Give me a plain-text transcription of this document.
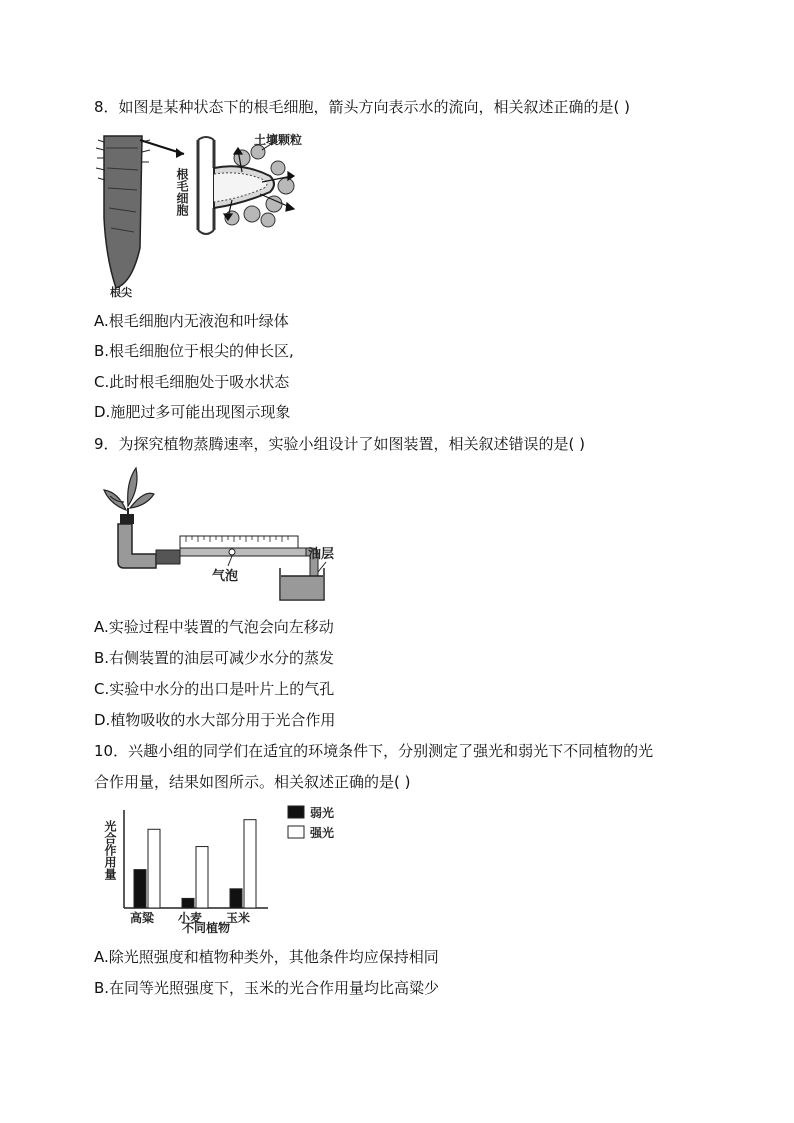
8．如图是某种状态下的根毛细胞，箭头方向表示水的流向，相关叙述正确的是( )
根毛细胞
土壤颗粒
根尖
A.根毛细胞内无液泡和叶绿体
B.根毛细胞位于根尖的伸长区,
C.此时根毛细胞处于吸水状态
D.施肥过多可能出现图示现象
9．为探究植物蒸腾速率，实验小组设计了如图装置，相关叙述错误的是( )
油层
气泡
A.实验过程中装置的气泡会向左移动
B.右侧装置的油层可减少水分的蒸发
C.实验中水分的出口是叶片上的气孔
D.植物吸收的水大部分用于光合作用
10．兴趣小组的同学们在适宜的环境条件下，分别测定了强光和弱光下不同植物的光
合作用量，结果如图所示。相关叙述正确的是( )
光合作用量
高粱 小麦 玉米
不同植物
弱光
强光
A.除光照强度和植物种类外，其他条件均应保持相同
B.在同等光照强度下，玉米的光合作用量均比高粱少
